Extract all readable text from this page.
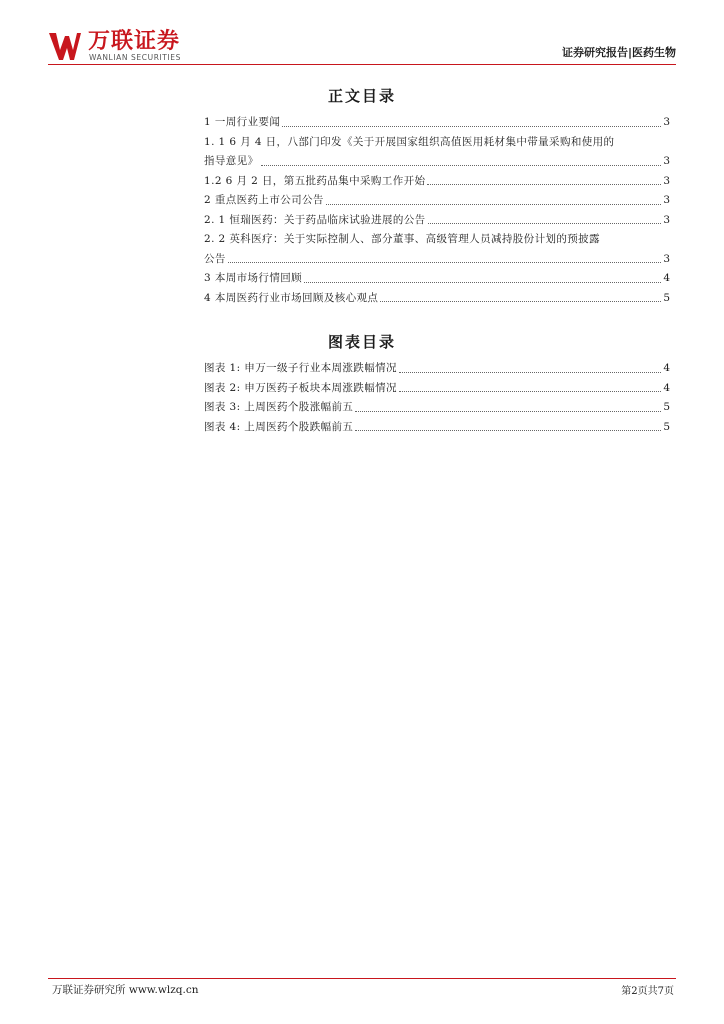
万联证券
WANLIAN SECURITIES	证券研究报告|医药生物
正文目录
1 一周行业要闻	3
1. 1 6 月 4 日，八部门印发《关于开展国家组织高值医用耗材集中带量采购和使用的
指导意见》	3
1.2 6 月 2 日，第五批药品集中采购工作开始	3
2 重点医药上市公司公告	3
2. 1 恒瑞医药：关于药品临床试验进展的公告	3
2. 2 英科医疗：关于实际控制人、部分董事、高级管理人员减持股份计划的预披露
公告	3
3 本周市场行情回顾	4
4 本周医药行业市场回顾及核心观点	5
图表目录
图表 1: 申万一级子行业本周涨跌幅情况	4
图表 2: 申万医药子板块本周涨跌幅情况	4
图表 3: 上周医药个股涨幅前五	5
图表 4: 上周医药个股跌幅前五	5
万联证券研究所 www.wlzq.cn	第2页共7页
